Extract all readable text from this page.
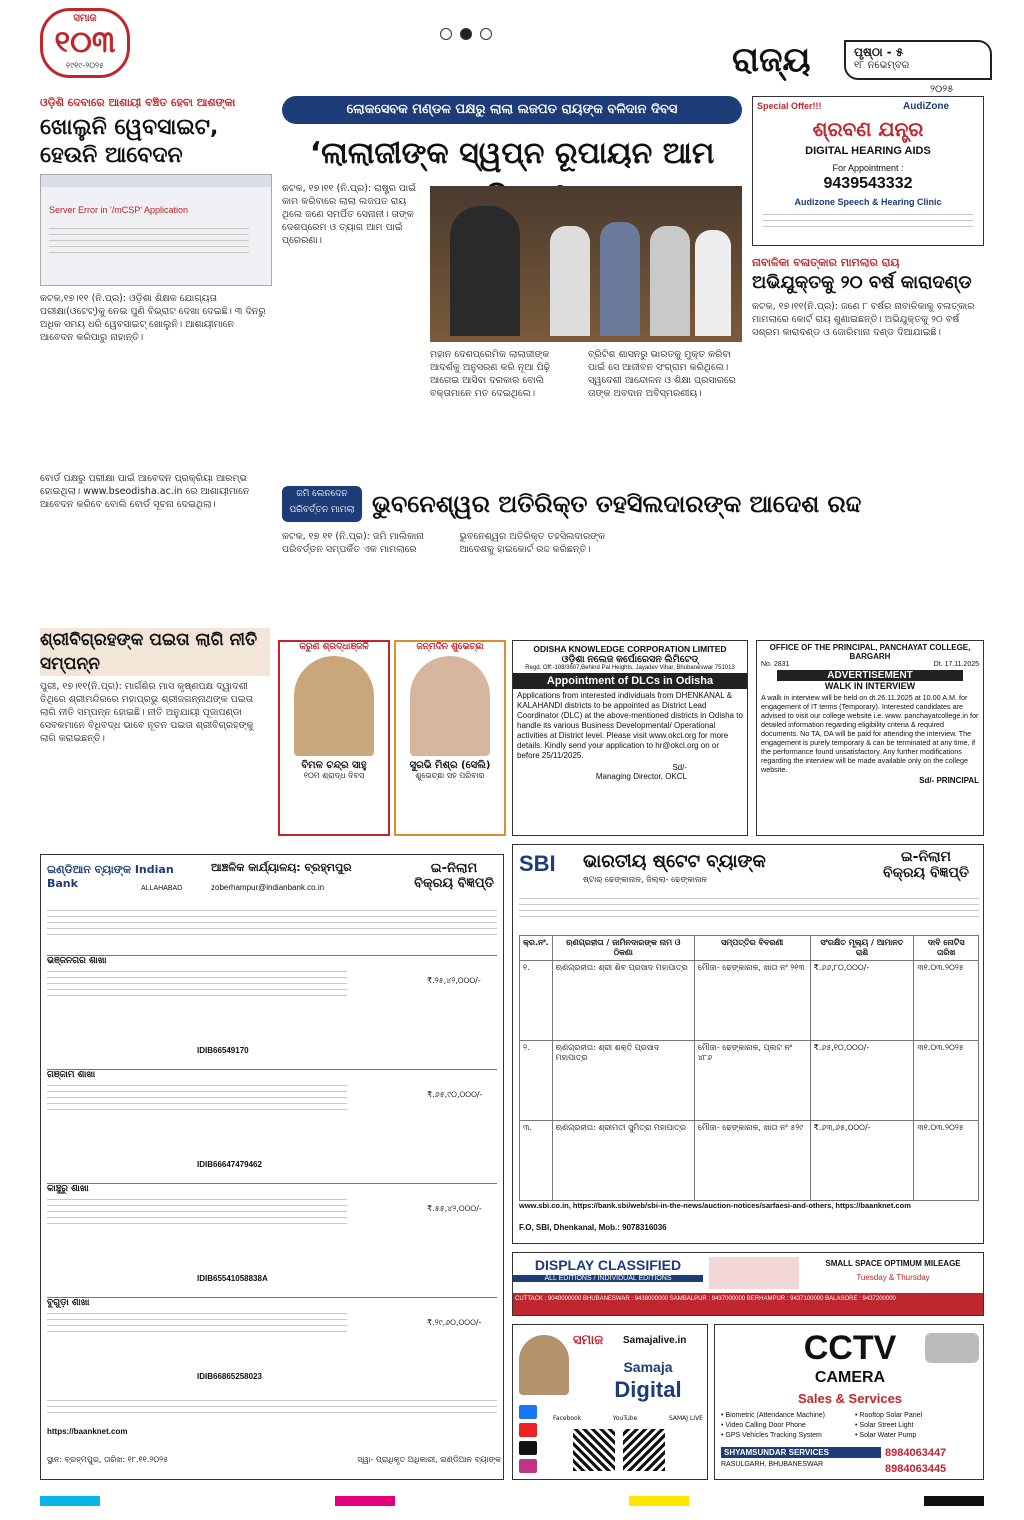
ସମାଜ
୧୦୩
୧୯୧୯-୨୦୨୫	ରାଜ୍ୟ	ପୃଷ୍ଠା - ୫
୧୮ ନଭେମ୍ବର
୨୦୨୫
ଓଡ଼ିଶି ଦେବାରେ ଆଶାୟୀ ବଞ୍ଚିତ ହେବା ଆଶଙ୍କା
ଖୋଲୁନି ୱେବସାଇଟ, ହେଉନି ଆବେଦନ
Server Error in '/mCSP' Application
କଟକ,୧୭।୧୧ (ନି.ପ୍ର): ଓଡ଼ିଶା ଶିକ୍ଷକ ଯୋଗ୍ୟତା ପରୀକ୍ଷା(ଓଟେଟ୍)କୁ ନେଇ ପୁଣି ବିଭ୍ରାଟ ଦେଖା ଦେଇଛି। ୩ ଦିନରୁ ଅଧିକ ସମୟ ଧରି ୱେବସାଇଟ୍ ଖୋଲୁନି। ଆଶାୟୀମାନେ ଆବେଦନ କରିପାରୁ ନାହାନ୍ତି।
ବୋର୍ଡ ପକ୍ଷରୁ ପରୀକ୍ଷା ପାଇଁ ଆବେଦନ ପ୍ରକ୍ରିୟା ଆରମ୍ଭ ହୋଇଥିଲା। www.bseodisha.ac.in ରେ ଆଶାୟୀମାନେ ଆବେଦନ କରିବେ ବୋଲି ବୋର୍ଡ ସୂଚନା ଦେଇଥିଲା।
ଲୋକସେବକ ମଣ୍ଡଳ ପକ୍ଷରୁ ଲାଲା ଲଜପତ ରାୟଙ୍କ ବଳିଦାନ ଦିବସ
‘ଲାଲାଜୀଙ୍କ ସ୍ୱପ୍ନ ରୂପାୟନ ଆମ
କଟକ, ୧୭।୧୧ (ନି.ପ୍ର): ରାଷ୍ଟ୍ର ପାଇଁ କାମ କରିବାରେ ଲାଲା ଲଜପତ ରାୟ ଥିଲେ ଜଣେ ସମର୍ପିତ ସେନାନୀ। ତାଙ୍କ ଦେଶପ୍ରେମ ଓ ତ୍ୟାଗ ଆମ ପାଇଁ ପ୍ରେରଣା।
ମହାନ ଦେଶପ୍ରେମିକ ଲାଲାଜୀଙ୍କ ଆଦର୍ଶକୁ ଅନୁସରଣ କରି ନୂଆ ପିଢ଼ି ଆଗେଇ ଆସିବା ଦରକାର ବୋଲି ବକ୍ତାମାନେ ମତ ଦେଇଥିଲେ।
ବ୍ରିଟିଶ ଶାସନରୁ ଭାରତକୁ ମୁକ୍ତ କରିବା ପାଇଁ ସେ ଆଜୀବନ ସଂଗ୍ରାମ କରିଥିଲେ। ସ୍ୱଦେଶୀ ଆନ୍ଦୋଳନ ଓ ଶିକ୍ଷା ପ୍ରସାରରେ ତାଙ୍କ ଅବଦାନ ଅବିସ୍ମରଣୀୟ।
Special Offer!!!	AudiZone
ଶ୍ରବଣ ଯନ୍ତ୍ର
DIGITAL HEARING AIDS
For Appointment :
9439543332
Audizone Speech & Hearing Clinic
ନାବାଳିକା ବଳାତ୍କାର ମାମଲାର ରାୟ
ଅଭିଯୁକ୍ତକୁ ୨୦ ବର୍ଷ କାରାଦଣ୍ଡ
କଟକ, ୧୭।୧୧(ନି.ପ୍ର): ଜଣେ ୮ ବର୍ଷର ନାବାଳିକାକୁ ବଳାତ୍କାର ମାମଲାରେ କୋର୍ଟ ରାୟ ଶୁଣାଇଛନ୍ତି। ଅଭିଯୁକ୍ତକୁ ୨୦ ବର୍ଷ ସଶ୍ରମ କାରାଦଣ୍ଡ ଓ ଜୋରିମାନା ଦଣ୍ଡ ଦିଆଯାଇଛି।
ଜମି ଲେନଦେନ
ପରିବର୍ତ୍ତନ ମାମଲା ଭୁବନେଶ୍ୱର ଅତିରିକ୍ତ ତହସିଲଦାରଙ୍କ ଆଦେଶ ରଦ୍ଦ
କଟକ, ୧୭ ୧୧ (ନି.ପ୍ର): ଜମି ମାଲିକାନା ପରିବର୍ତ୍ତନ ସମ୍ପର୍କିତ ଏକ ମାମଲାରେ ଭୁବନେଶ୍ୱର ଅତିରିକ୍ତ ତହସିଲଦାରଙ୍କ ଆଦେଶକୁ ହାଇକୋର୍ଟ ରଦ୍ଦ କରିଛନ୍ତି।
ଶ୍ରୀବିଗ୍ରହଙ୍କ ପଇତା ଲାଗି ନୀତି ସମ୍ପନ୍ନ
ପୁରୀ, ୧୭।୧୧(ନି.ପ୍ର): ମାର୍ଗଶିର ମାସ କୃଷ୍ଣପକ୍ଷ ଦ୍ୱାଦଶୀ ତିଥିରେ ଶ୍ରୀମନ୍ଦିରରେ ମହାପ୍ରଭୁ ଶ୍ରୀଜଗନ୍ନାଥଙ୍କ ପଇତା ଲାଗି ନୀତି ସମ୍ପନ୍ନ ହୋଇଛି। ନୀତି ଅନୁଯାୟୀ ପୂଜାପଣ୍ଡା ସେବକମାନେ ବିଧିବଦ୍ଧ ଭାବେ ନୂତନ ପଇତା ଶ୍ରୀବିଗ୍ରହଙ୍କୁ ଲାଗି କରାଇଛନ୍ତି।
କରୁଣ ଶ୍ରଦ୍ଧାଞ୍ଜଳି
ବିମଳ ଚନ୍ଦ୍ର ସାହୁ
୧୦ମ ଶ୍ରାଦ୍ଧ ଦିବସ
ଜନ୍ମଦିନ ଶୁଭେଚ୍ଛା
ସୁରଭି ମିଶ୍ର (ସେଲି)
ଶୁଭେଚ୍ଛା ସହ ପରିବାର
ODISHA KNOWLEDGE CORPORATION LIMITED
ଓଡ଼ିଶା ନଲେଜ କର୍ପୋରେସନ ଲିମିଟେଡ୍
Regd. Off:-108/3607,Behind Pal Heights, Jayadev Vihar, Bhubaneswar 751013
Appointment of DLCs in Odisha
Applications from interested individuals from DHENKANAL & KALAHANDI districts to be appointed as District Lead Coordinator (DLC) at the above-mentioned districts in Odisha to handle its various Business Developmental/ Operational activities at District level. Please visit www.okcl.org for more details. Kindly send your application to hr@okcl.org on or before 25/11/2025.
Sd/-
Managing Director, OKCL
OFFICE OF THE PRINCIPAL, PANCHAYAT COLLEGE, BARGARH
No. 2831	Dt. 17.11.2025
ADVERTISEMENT
WALK IN INTERVIEW
A walk in interview will be held on dt.26.11.2025 at 10.00 A.M. for engagement of IT terms (Temporary). Interested candidates are advised to visit our college website i.e. www. panchayatcollege.in for detailed information regarding eligibility criteria & required documents. No TA, DA will be paid for attending the interview. The engagement is purely temporary & can be terminated at any time, if the performance found unsatisfactory. Any further modifications regarding the interview will be made available only on the college website.
Sd/- PRINCIPAL
SBI ଭାରତୀୟ ଷ୍ଟେଟ ବ୍ୟାଙ୍କ	ଇ-ନିଲାମ
ବିକ୍ରୟ ବିଜ୍ଞପ୍ତି
ଷ୍ଟାର୍ ଢେଙ୍କାନାଳ, ଜିଲ୍ଲା- ଢେଙ୍କାନାଳ
କ୍ର.ନଂ.	ଋଣଗ୍ରହୀତା / ଜାମିନଦାରଙ୍କ ନାମ ଓ ଠିକଣା	ସମ୍ପତ୍ତିର ବିବରଣୀ	ସଂରକ୍ଷିତ ମୂଲ୍ୟ / ଆମାନତ ରାଶି	ଦାବି ନୋଟିସ ତାରିଖ
୧.	ଋଣଗ୍ରହୀତା: ଶ୍ରୀ ଶିବ ପ୍ରସାଦ ମହାପାତ୍ର	ମୌଜା- ଢେଙ୍କାନାଳ, ଖାତା ନଂ ୨୧୩	₹.୬୬,୮୦,୦୦୦/-	୩୧.୦୩.୨୦୨୫
୨.	ଋଣଗ୍ରହୀତା: ଶ୍ରୀ ଶକ୍ତି ପ୍ରସାଦ ମହାପାତ୍ର	ମୌଜା- ଢେଙ୍କାନାଳ, ପ୍ଲଟ ନଂ ୪୮୬	₹.୬୫,୧୦,୦୦୦/-	୩୧.୦୩.୨୦୨୫
୩.	ଋଣଗ୍ରହୀତା: ଶ୍ରୀମତୀ ସୁମିତ୍ରା ମହାପାତ୍ର	ମୌଜା- ଢେଙ୍କାନାଳ, ଖାତା ନଂ ୫୨୯	₹.୬୩,୬୫,୦୦୦/-	୩୧.୦୩.୨୦୨୫
www.sbi.co.in, https://bank.sbi/web/sbi-in-the-news/auction-notices/sarfaesi-and-others, https://baanknet.com
F.O, SBI, Dhenkanal, Mob.: 9078316036
ଇଣ୍ଡିଆନ ବ୍ୟାଙ୍କ Indian Bank	ALLAHABAD
ଆଞ୍ଚଳିକ କାର୍ଯ୍ୟାଳୟ: ବ୍ରହ୍ମପୁର
zoberhampur@indianbank.co.in
ଇ-ନିଲାମ
ବିକ୍ରୟ ବିଜ୍ଞପ୍ତି
ଭଞ୍ଜନଗର ଶାଖା
₹.୨୫,୪୨,୦୦୦/-
IDIB66549170
ଗଞ୍ଜାମ ଶାଖା
₹.୬୫,୯୦,୦୦୦/-
IDIB66647479462
କାଞ୍ଚୁରୁ ଶାଖା
₹.୫୫,୪୨,୦୦୦/-
IDIB65541058838A
ବୁଗୁଡ଼ା ଶାଖା
₹.୨୯,୬୦,୦୦୦/-
IDIB66865258023
https://baanknet.com
ସ୍ଥାନ: ବ୍ରହ୍ମପୁର, ତାରିଖ: ୧୮.୧୧.୨୦୨୫	ସ୍ୱା- ପ୍ରାଧିକୃତ ଅଧିକାରୀ, ଇଣ୍ଡିଆନ ବ୍ୟାଙ୍କ
DISPLAY CLASSIFIED
ALL EDITIONS / INDIVIDUAL EDITIONS
SMALL SPACE OPTIMUM MILEAGE
Tuesday & Thursday
CUTTACK : 9040000000 BHUBANESWAR : 9438000000 SAMBALPUR : 9437000000 BERHAMPUR : 9437100000 BALASORE : 9437200000
ସମାଜ Samajalive.in
Samaja
Digital
Facebook	YouTube	SAMAJ LIVE
CCTV
CAMERA
Sales & Services
• Biometric (Attendance Machine)
• Video Calling Door Phone
• GPS Vehicles Tracking System
• Rooftop Solar Panel
• Solar Street Light
• Solar Water Pump
SHYAMSUNDAR SERVICES
RASULGARH, BHUBANESWAR
8984063447
8984063445
